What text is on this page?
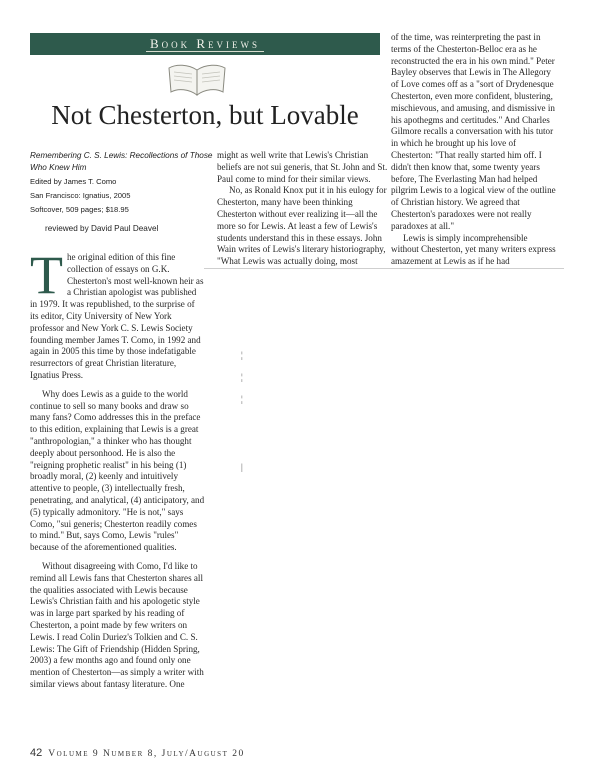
Book Reviews
Not Chesterton, but Lovable
Remembering C. S. Lewis: Recollections of Those Who Knew Him
Edited by James T. Como
San Francisco: Ignatius, 2005
Softcover, 509 pages; $18.95
reviewed by David Paul Deavel
T he original edition of this fine collection of essays on G.K. Chesterton's most well-known heir as a Christian apologist was published in 1979. It was republished, to the surprise of its editor, City University of New York professor and New York C. S. Lewis Society founding member James T. Como, in 1992 and again in 2005 this time by those indefatigable resurrectors of great Christian literature, Ignatius Press.

Why does Lewis as a guide to the world continue to sell so many books and draw so many fans? Como addresses this in the preface to this edition, explaining that Lewis is a great "anthropologian," a thinker who has thought deeply about personhood. He is also the "reigning prophetic realist" in his being (1) broadly moral, (2) keenly and intuitively attentive to people, (3) intellectually fresh, penetrating, and analytical, (4) anticipatory, and (5) typically admonitory. "He is not," says Como, "sui generis; Chesterton readily comes to mind." But, says Como, Lewis "rules" because of the aforementioned qualities.

Without disagreeing with Como, I'd like to remind all Lewis fans that Chesterton shares all the qualities associated with Lewis because Lewis's Christian faith and his apologetic style was in large part sparked by his reading of Chesterton, a point made by few writers on Lewis. I read Colin Duriez's Tolkien and C. S. Lewis: The Gift of Friendship (Hidden Spring, 2003) a few months ago and found only one mention of Chesterton—as simply a writer with similar views about fantasy literature. One

might as well write that Lewis's Christian beliefs are not sui generis, that St. John and St. Paul come to mind for their similar views.

No, as Ronald Knox put it in his eulogy for Chesterton, many have been thinking Chesterton without ever realizing it—all the more so for Lewis. At least a few of Lewis's students understand this in these essays. John Wain writes of Lewis's literary historiography, "What Lewis was actually doing, most

of the time, was reinterpreting the past in terms of the Chesterton-Belloc era as he reconstructed the era in his own mind." Peter Bayley observes that Lewis in The Allegory of Love comes off as a "sort of Drydenesque Chesterton, even more confident, blustering, mischievous, and amusing, and dismissive in his apothegms and certitudes." And Charles Gilmore recalls a conversation with his tutor in which he brought up his love of Chesterton: "That really started him off. I didn't then know that, some twenty years before, The Everlasting Man had helped pilgrim Lewis to a logical view of the outline of Christian history. We agreed that Chesterton's paradoxes were not really paradoxes at all."

Lewis is simply incomprehensible without Chesterton, yet many writers express amazement at Lewis as if he had

¦
¦
¦
|
42 Volume 9 Number 8, July/August 20
